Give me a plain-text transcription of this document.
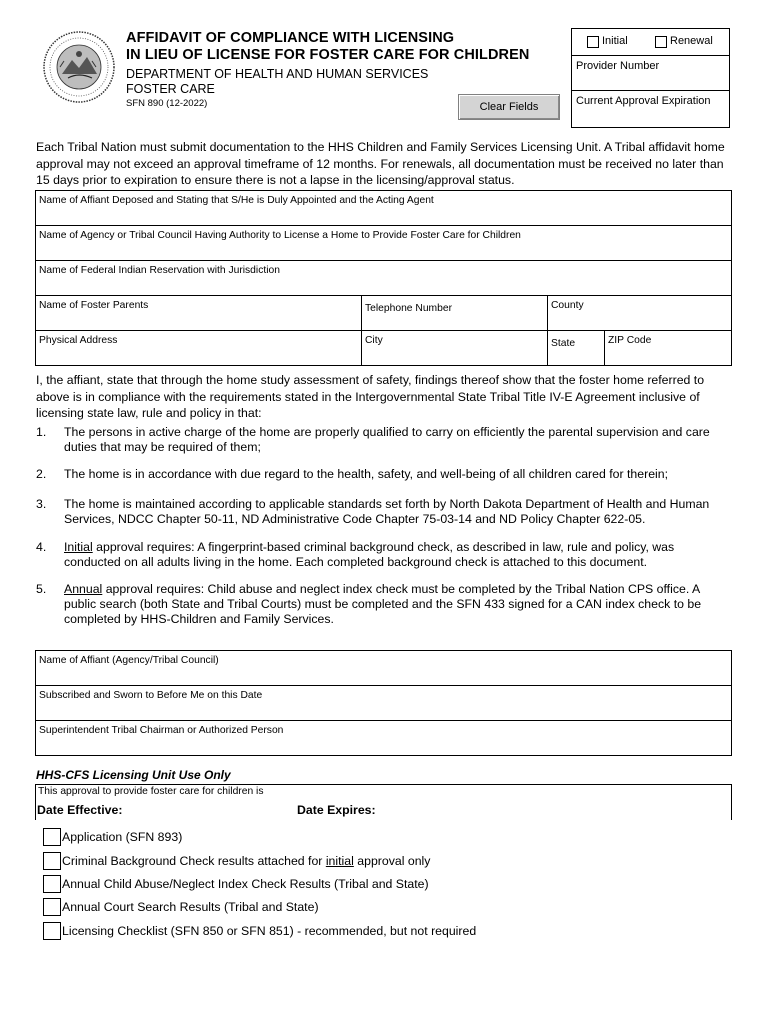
AFFIDAVIT OF COMPLIANCE WITH LICENSING
IN LIEU OF LICENSE FOR FOSTER CARE FOR CHILDREN
DEPARTMENT OF HEALTH AND HUMAN SERVICES
FOSTER CARE
SFN 890 (12-2022)	Clear Fields
Initial	Renewal
Provider Number
Current Approval Expiration
Each Tribal Nation must submit documentation to the HHS Children and Family Services Licensing Unit. A Tribal affidavit home approval may not exceed an approval timeframe of 12 months. For renewals, all documentation must be received no later than 15 days prior to expiration to ensure there is not a lapse in the licensing/approval status.
Name of Affiant Deposed and Stating that S/He is Duly Appointed and the Acting Agent
Name of Agency or Tribal Council Having Authority to License a Home to Provide Foster Care for Children
Name of Federal Indian Reservation with Jurisdiction
Name of Foster Parents	Telephone Number	County
Physical Address	City	State	ZIP Code
I, the affiant, state that through the home study assessment of safety, findings thereof show that the foster home referred to above is in compliance with the requirements stated in the Intergovernmental State Tribal Title IV-E Agreement inclusive of licensing state law, rule and policy in that:
1. The persons in active charge of the home are properly qualified to carry on efficiently the parental supervision and care duties that may be required of them;
2. The home is in accordance with due regard to the health, safety, and well-being of all children cared for therein;
3. The home is maintained according to applicable standards set forth by North Dakota Department of Health and Human Services, NDCC Chapter 50-11, ND Administrative Code Chapter 75-03-14 and ND Policy Chapter 622-05.
4. Initial approval requires: A fingerprint-based criminal background check, as described in law, rule and policy, was conducted on all adults living in the home. Each completed background check is attached to this document.
5. Annual approval requires: Child abuse and neglect index check must be completed by the Tribal Nation CPS office. A public search (both State and Tribal Courts) must be completed and the SFN 433 signed for a CAN index check to be completed by HHS-Children and Family Services.
Name of Affiant (Agency/Tribal Council)
Subscribed and Sworn to Before Me on this Date
Superintendent Tribal Chairman or Authorized Person
HHS-CFS Licensing Unit Use Only
This approval to provide foster care for children is
Date Effective:	Date Expires:
Application (SFN 893)
Criminal Background Check results attached for initial approval only
Annual Child Abuse/Neglect Index Check Results (Tribal and State)
Annual Court Search Results (Tribal and State)
Licensing Checklist (SFN 850 or SFN 851) - recommended, but not required
